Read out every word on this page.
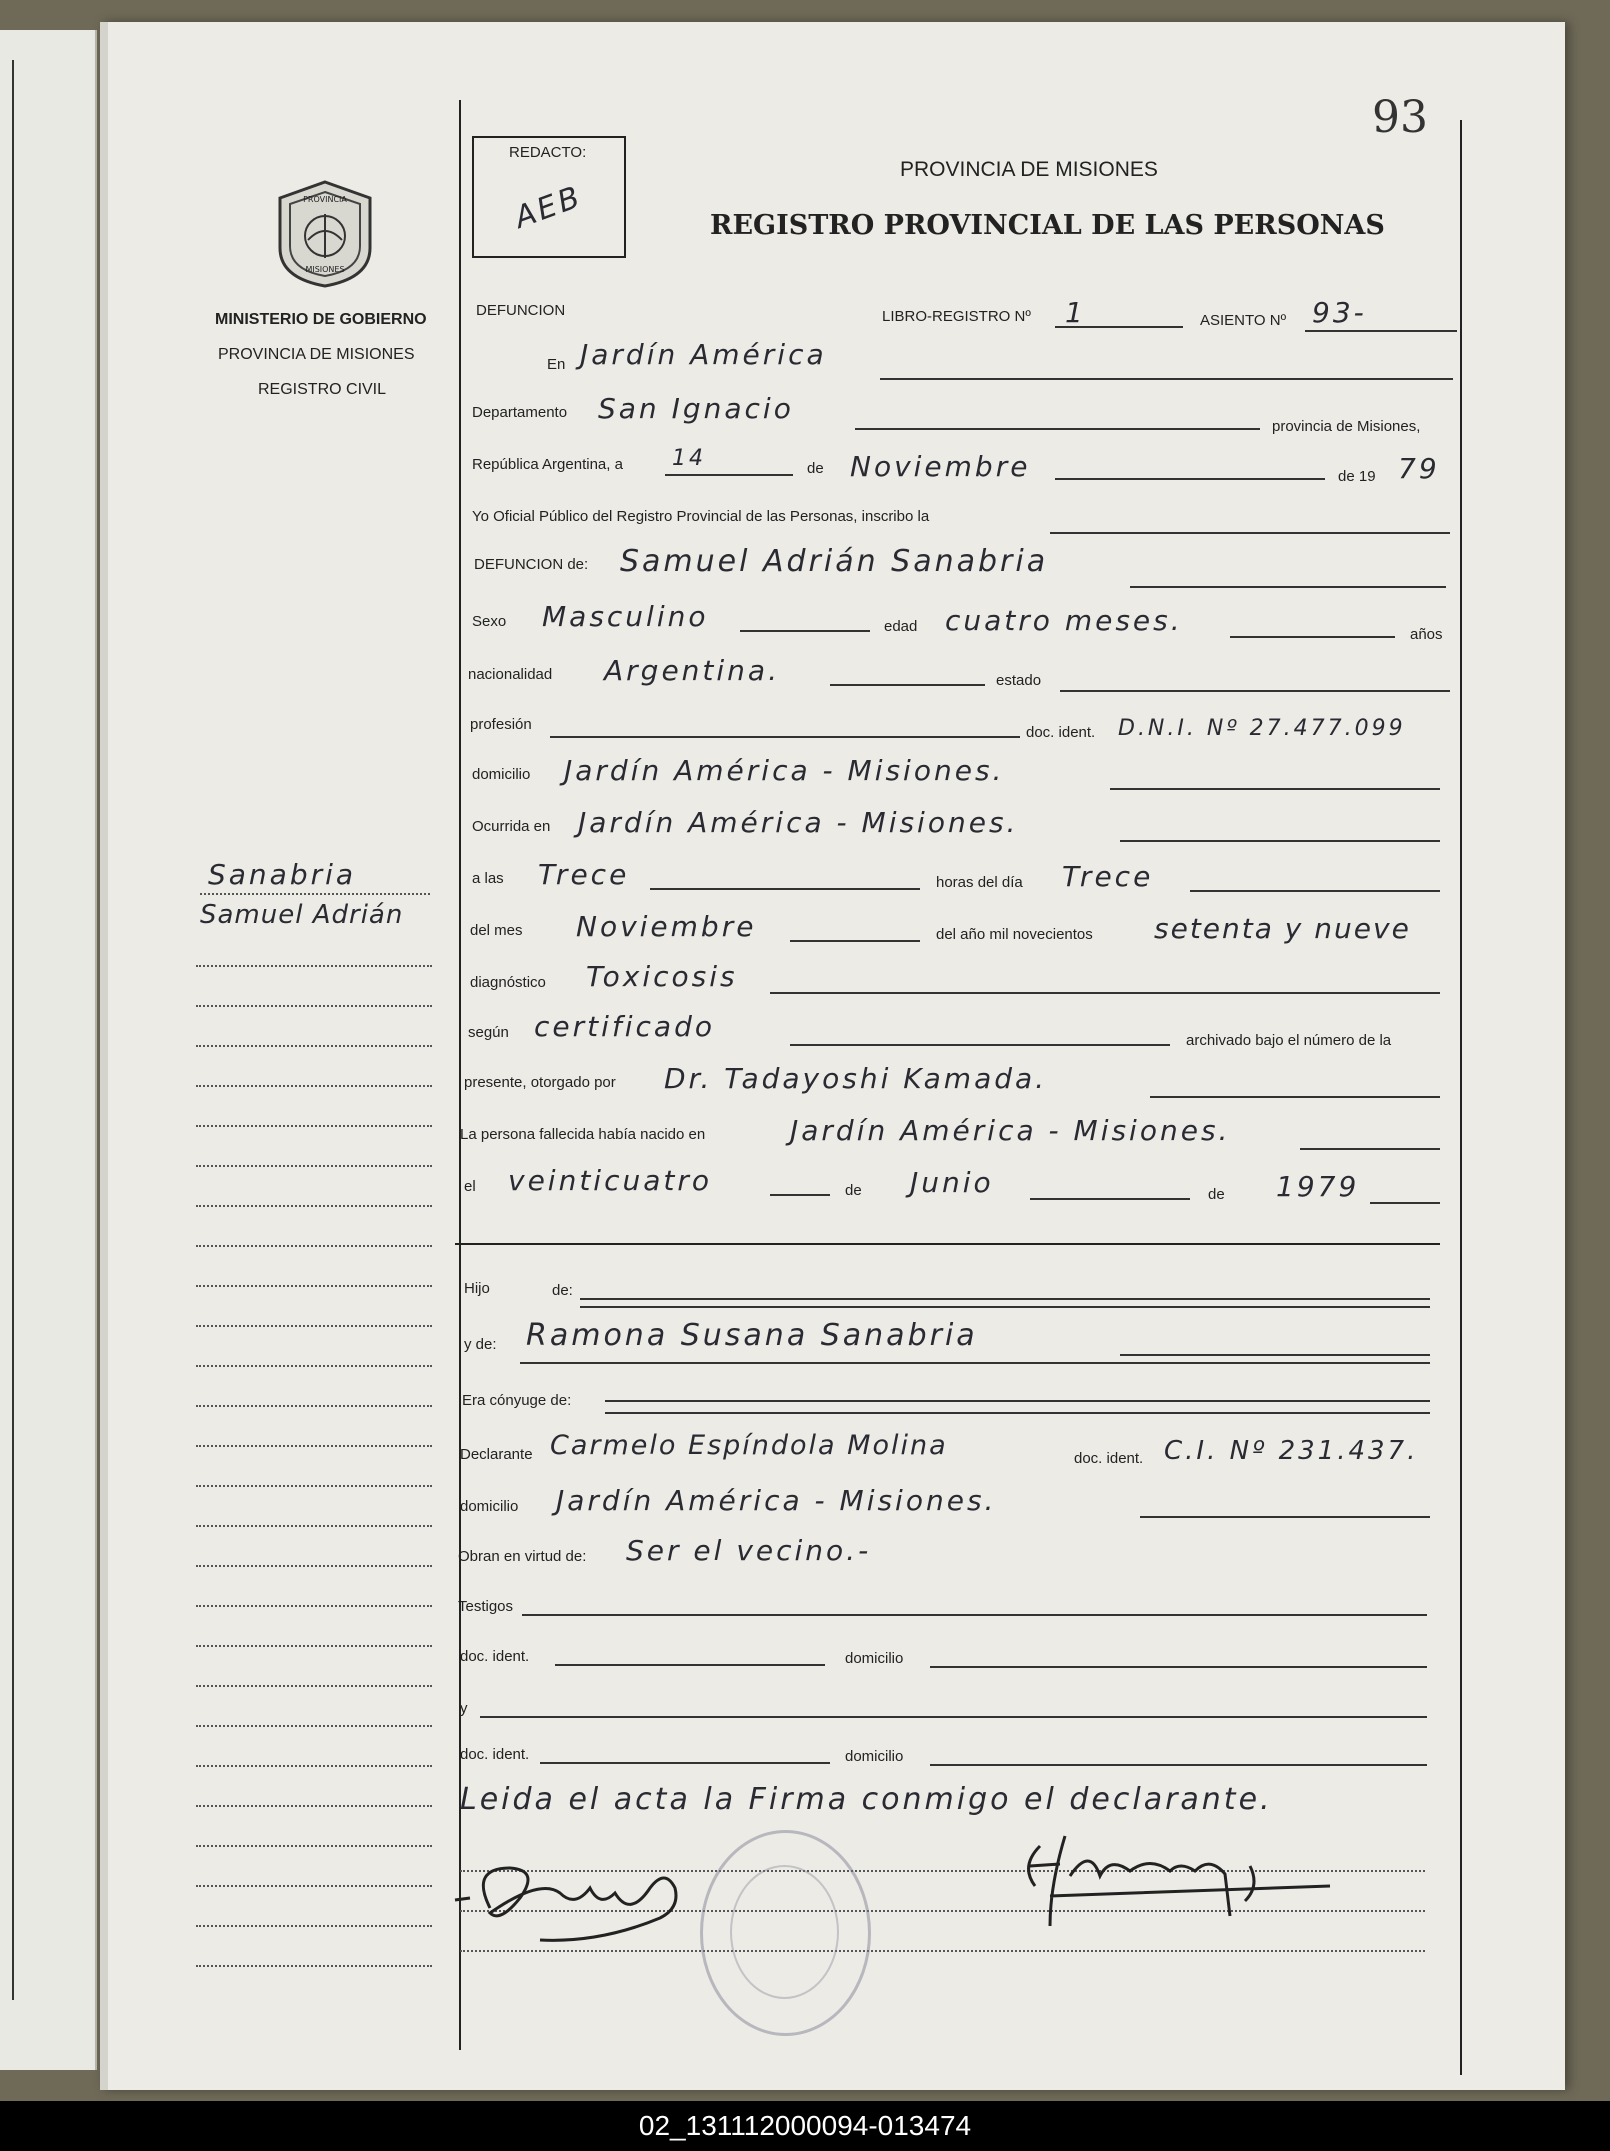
93
REDACTO:
AEB
PROVINCIA DE MISIONES
REGISTRO PROVINCIAL DE LAS PERSONAS
PROVINCIA
MISIONES
MINISTERIO DE GOBIERNO
PROVINCIA DE MISIONES
REGISTRO CIVIL
Sanabria
Samuel Adrián
DEFUNCION	LIBRO-REGISTRO Nº 1	ASIENTO Nº 93-
En Jardín América
Departamento San Ignacio
provincia de Misiones,
República Argentina, a 14	de Noviembre	de 19 79
Yo Oficial Público del Registro Provincial de las Personas, inscribo la
DEFUNCION de: Samuel Adrián Sanabria
Sexo Masculino	edad cuatro meses.	años
nacionalidad Argentina.	estado
profesión	doc. ident. D.N.I. Nº 27.477.099
domicilio Jardín América - Misiones.
Ocurrida en Jardín América - Misiones.
a las Trece	horas del día Trece
del mes Noviembre	del año mil novecientos setenta y nueve
diagnóstico Toxicosis
según certificado	archivado bajo el número de la
presente, otorgado por Dr. Tadayoshi Kamada.
La persona fallecida había nacido en	Jardín América - Misiones.
el veinticuatro	de Junio	de 1979
Hijo	de:
y de: Ramona Susana Sanabria
Era cónyuge de:
Declarante Carmelo Espíndola Molina	doc. ident. C.I. Nº 231.437.
domicilio Jardín América - Misiones.
Obran en virtud de: Ser el vecino.-
Testigos
doc. ident.	domicilio
y
doc. ident.	domicilio
Leida el acta la Firma conmigo el declarante.
02_131112000094-013474
